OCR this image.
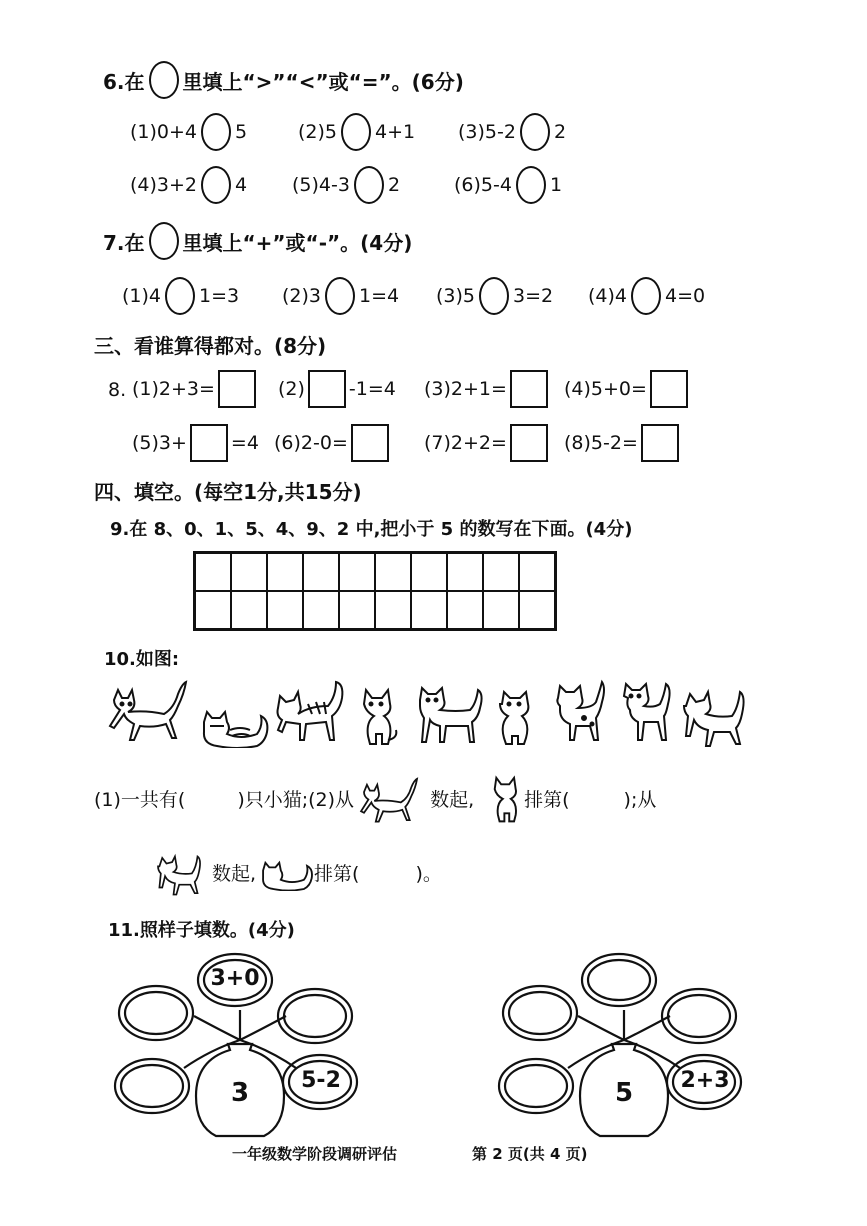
6.在 里填上“>”“<”或“=”。(6分)
(1) 0+4 5	(2) 5 4+1 (3) 5-2 2
(4) 3+2 4 (5) 4-3 2	(6) 5-4 1
7.在 里填上“+”或“-”。(4分)
(1) 4 1=3 (2) 3 1=4 (3) 5 3=2 (4) 4 4=0
三、看谁算得都对。(8分)
8. (1)2+3=	(2) -1=4 (3)2+1=	(4)5+0=
(5)3+ =4 (6)2-0=	(7)2+2=	(8)5-2=
四、填空。(每空1分,共15分)
9.在 8、0、1、5、4、9、2 中,把小于 5 的数写在下面。(4分)
10.如图:
(1)一共有(	)只小猫;(2)从	数起,	排第(	);从
数起,	排第(	)。
11.照样子填数。(4分)
3+0
5-2
3	2+3
5
一年级数学阶段调研评估	第 2 页(共 4 页)
